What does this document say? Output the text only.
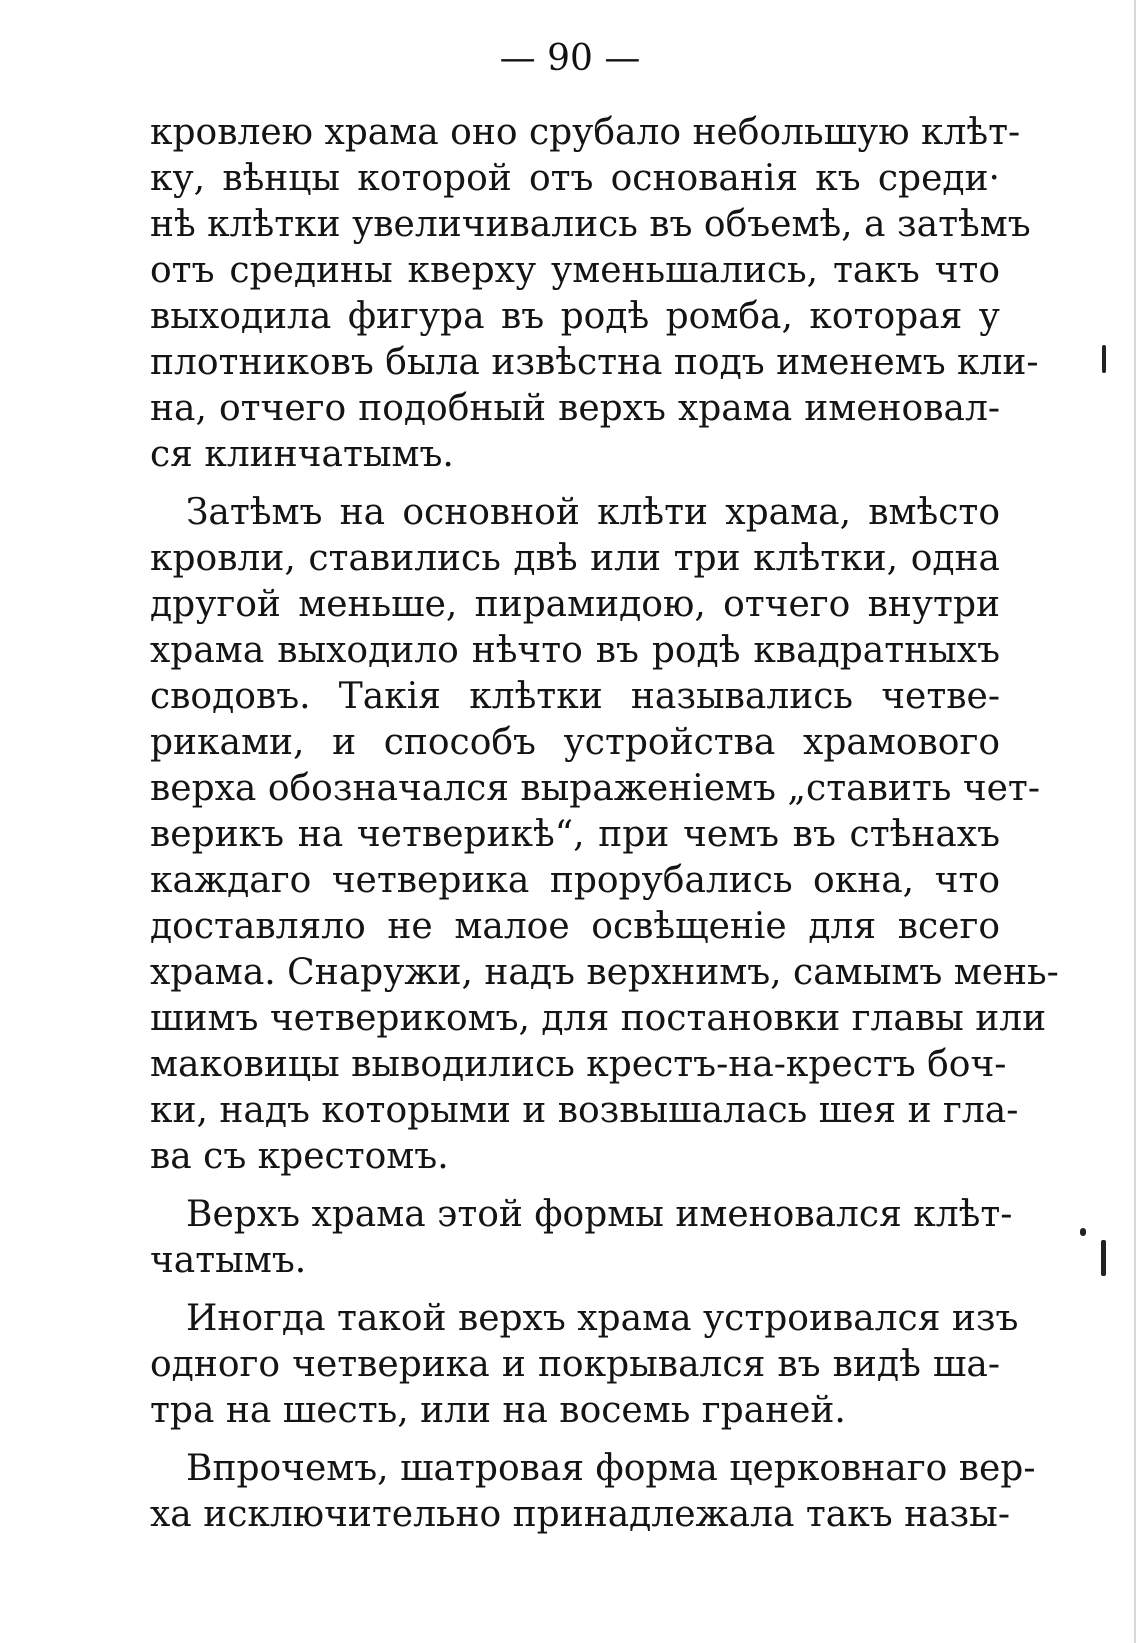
— 90 —
кровлею храма оно срубало небольшую клѣт-
ку, вѣнцы которой отъ основанія къ среди·
нѣ клѣтки увеличивались въ объемѣ, а затѣмъ
отъ средины кверху уменьшались, такъ что
выходила фигура въ родѣ ромба, которая у
плотниковъ была извѣстна подъ именемъ кли-
на, отчего подобный верхъ храма именовал-
ся клинчатымъ.
Затѣмъ на основной клѣти храма, вмѣсто
кровли, ставились двѣ или три клѣтки, одна
другой меньше, пирамидою, отчего внутри
храма выходило нѣчто въ родѣ квадратныхъ
сводовъ. Такія клѣтки назывались четве-
риками, и способъ устройства храмового
верха обозначался выраженіемъ „ставить чет-
верикъ на четверикѣ“, при чемъ въ стѣнахъ
каждаго четверика прорубались окна, что
доставляло не малое освѣщеніе для всего
храма. Снаружи, надъ верхнимъ, самымъ мень-
шимъ четверикомъ, для постановки главы или
маковицы выводились крестъ-на-крестъ боч-
ки, надъ которыми и возвышалась шея и гла-
ва съ крестомъ.
Верхъ храма этой формы именовался клѣт-
чатымъ.
Иногда такой верхъ храма устроивался изъ
одного четверика и покрывался въ видѣ ша-
тра на шесть, или на восемь граней.
Впрочемъ, шатровая форма церковнаго вер-
ха исключительно принадлежала такъ назы-
